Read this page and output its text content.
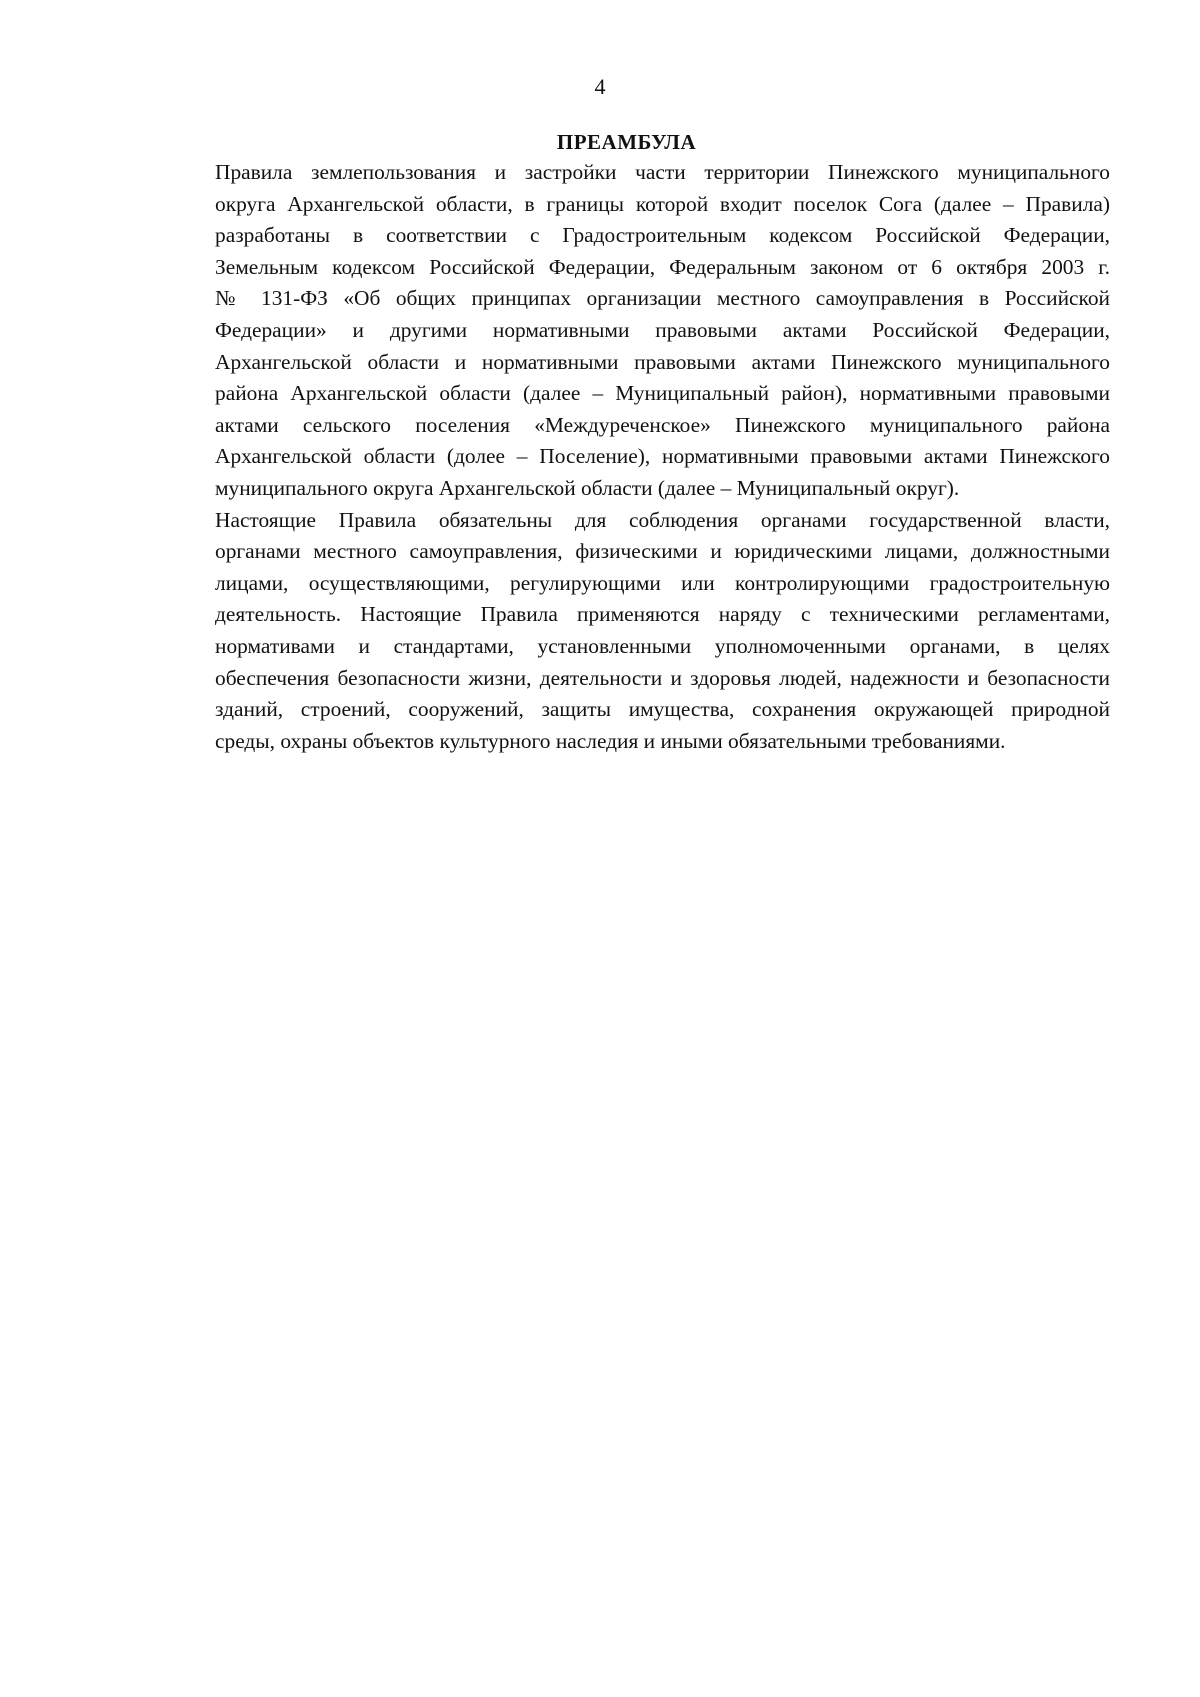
4
ПРЕАМБУЛА
Правила землепользования и застройки части территории Пинежского муниципального
округа Архангельской области, в границы которой входит поселок Сога (далее – Правила)
разработаны в соответствии с Градостроительным кодексом Российской Федерации,
Земельным кодексом Российской Федерации, Федеральным законом от 6 октября 2003 г.
№ 131-ФЗ «Об общих принципах организации местного самоуправления в Российской
Федерации» и другими нормативными правовыми актами Российской Федерации,
Архангельской области и нормативными правовыми актами Пинежского муниципального
района Архангельской области (далее – Муниципальный район), нормативными правовыми
актами сельского поселения «Междуреченское» Пинежского муниципального района
Архангельской области (долее – Поселение), нормативными правовыми актами Пинежского
муниципального округа Архангельской области (далее – Муниципальный округ).
Настоящие Правила обязательны для соблюдения органами государственной власти,
органами местного самоуправления, физическими и юридическими лицами, должностными
лицами, осуществляющими, регулирующими или контролирующими градостроительную
деятельность. Настоящие Правила применяются наряду с техническими регламентами,
нормативами и стандартами, установленными уполномоченными органами, в целях
обеспечения безопасности жизни, деятельности и здоровья людей, надежности и безопасности
зданий, строений, сооружений, защиты имущества, сохранения окружающей природной
среды, охраны объектов культурного наследия и иными обязательными требованиями.
